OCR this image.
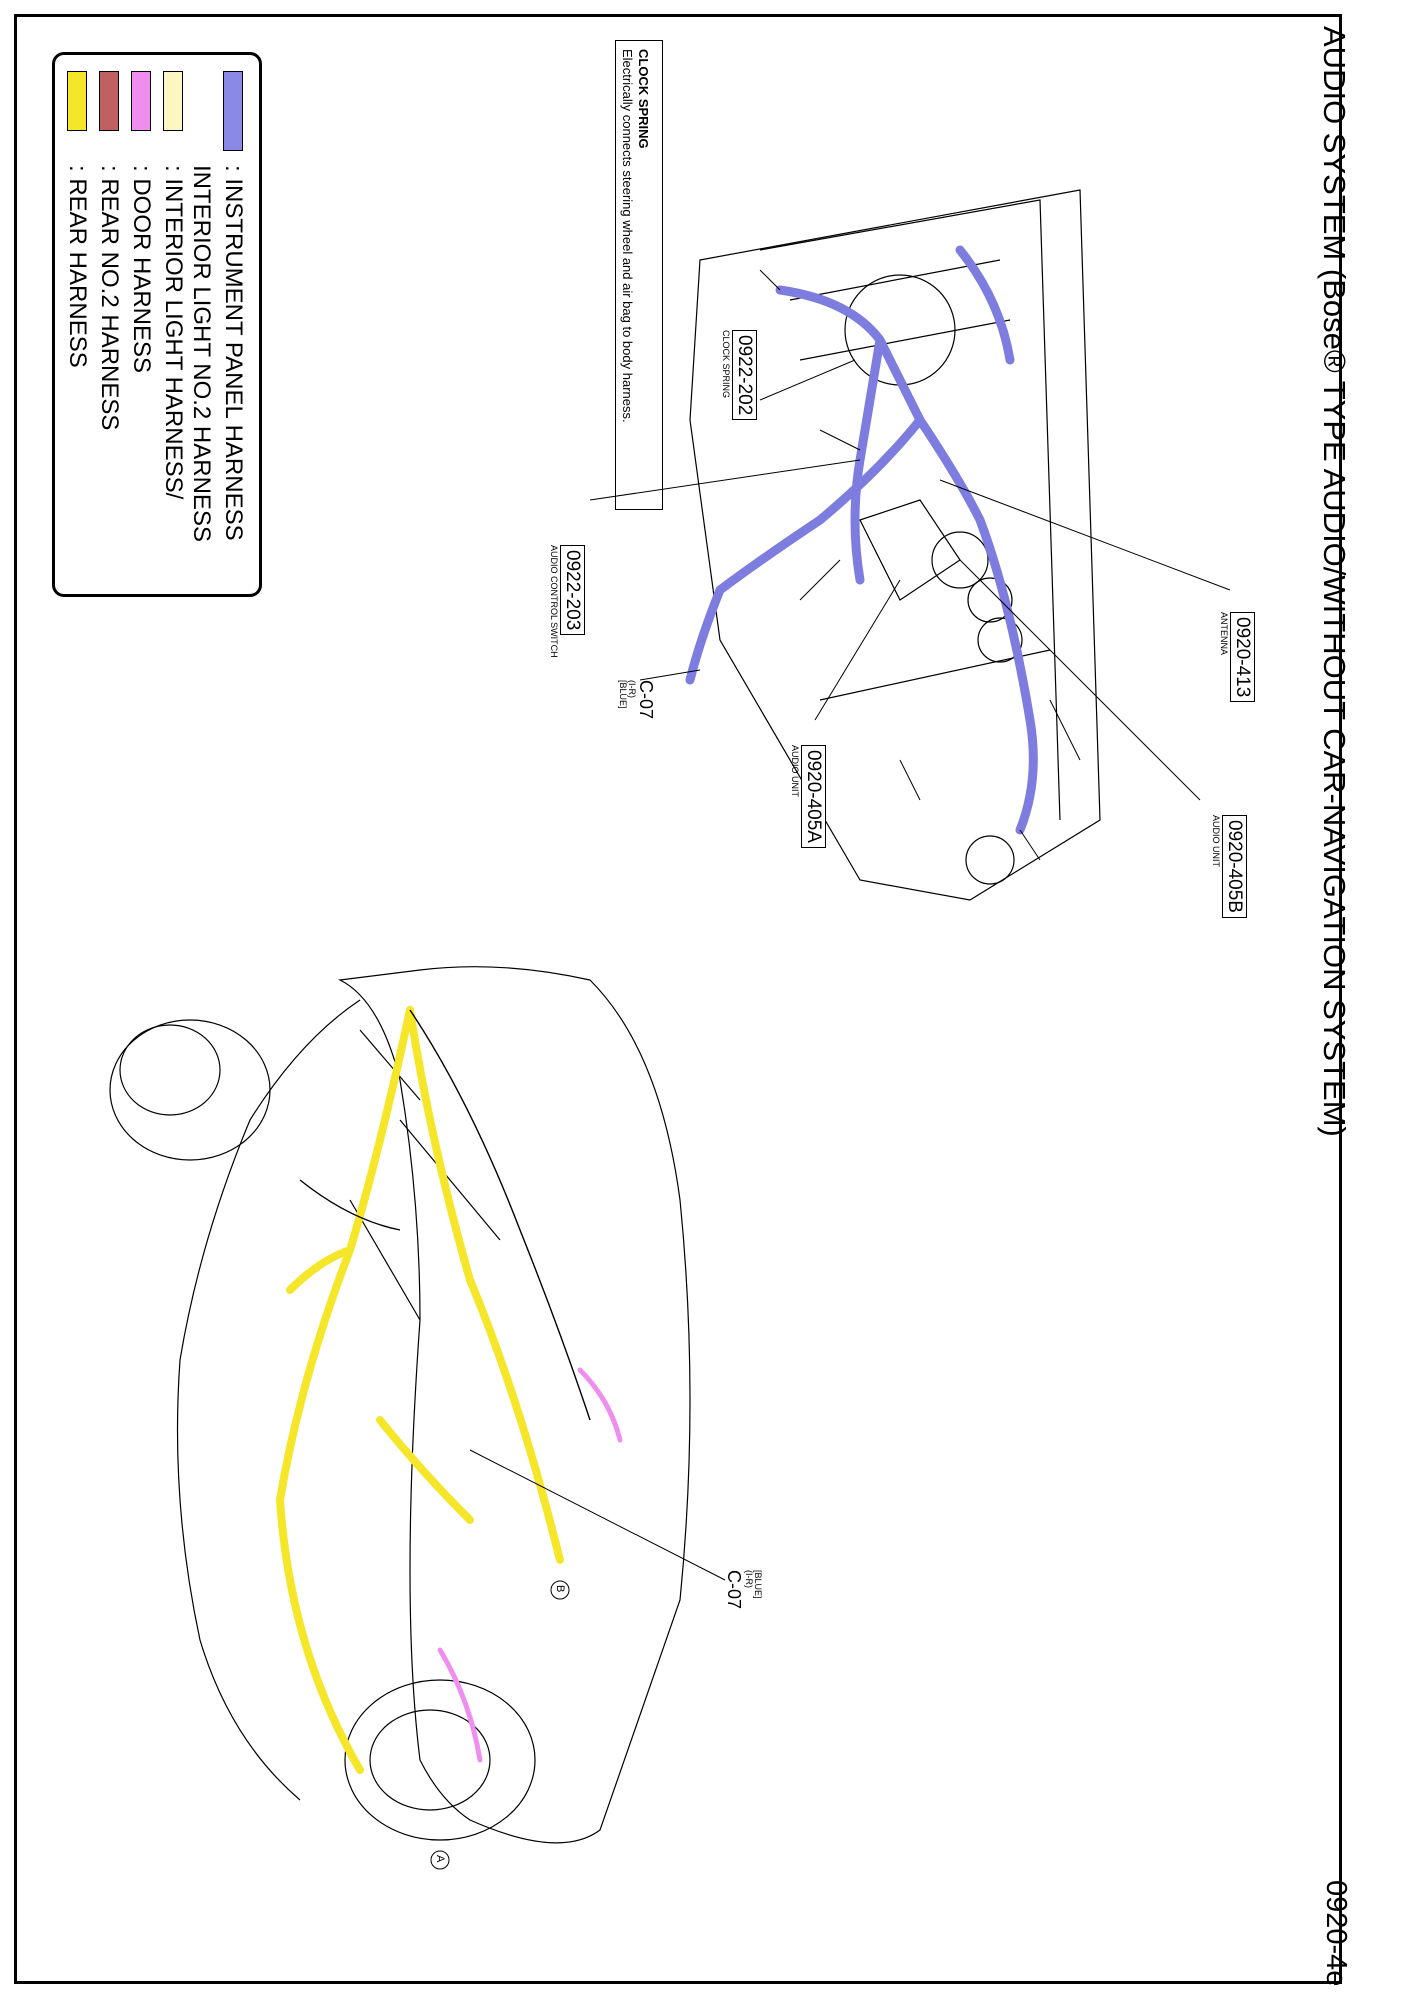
AUDIO SYSTEM (Bose® TYPE AUDIO/WITHOUT CAR-NAVIGATION SYSTEM)
0920-4e
: REAR HARNESS : REAR NO.2 HARNESS : DOOR HARNESS : INTERIOR LIGHT HARNESS/ INTERIOR LIGHT NO.2 HARNESS : INSTRUMENT PANEL HARNESS
CLOCK SPRING
Electrically connects steering wheel and air bag to body harness.	0922-202
CLOCK SPRING
0922-203
AUDIO CONTROL SWITCH	0920-413
ANTENNA
0920-405A
AUDIO UNIT
0920-405B
AUDIO UNIT
C-07
(I-R)
[BLUE]
[BLUE]
(I-R)
C-07
B
A
